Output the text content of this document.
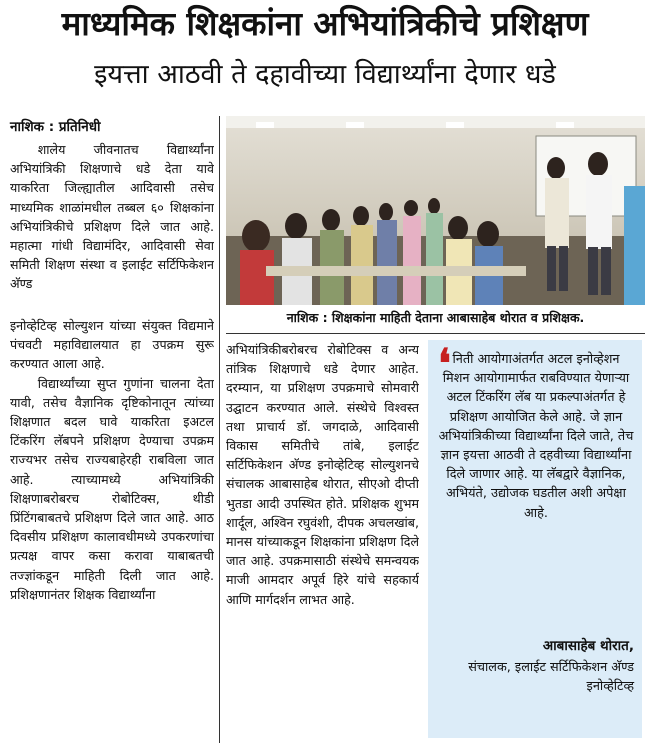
माध्यमिक शिक्षकांना अभियांत्रिकीचे प्रशिक्षण
इयत्ता आठवी ते दहावीच्या विद्यार्थ्यांना देणार धडे
नाशिक : प्रतिनिधी

शालेय जीवनातच विद्यार्थ्यांना अभियांत्रिकी शिक्षणाचे धडे देता यावे याकरिता जिल्ह्यातील आदिवासी तसेच माध्यमिक शाळांमधील तब्बल ६० शिक्षकांना अभियांत्रिकीचे प्रशिक्षण दिले जात आहे. महात्मा गांधी विद्यामंदिर, आदिवासी सेवा समिती शिक्षण संस्था व इलाईट सर्टिफिकेशन अ‍ॅण्ड

नाशिक : शिक्षकांना माहिती देताना आबासाहेब थोरात व प्रशिक्षक.

इनोव्हेटिव्ह सोल्युशन यांच्या संयुक्त विद्यमाने पंचवटी महाविद्यालयात हा उपक्रम सुरू करण्यात आला आहे.

विद्यार्थ्यांच्या सुप्त गुणांना चालना देता यावी, तसेच वैज्ञानिक दृष्टिकोनातून त्यांच्या शिक्षणात बदल घावे याकरिता इअटल टिंकरिंग लॅबपने प्रशिक्षण देण्याचा उपक्रम राज्यभर तसेच राज्यबाहेरही राबविला जात आहे. त्याच्यामध्ये अभियांत्रिकी शिक्षणाबरोबरच रोबोटिक्स, थीडी प्रिंटिंगबाबतचे प्रशिक्षण दिले जात आहे. आठ दिवसीय प्रशिक्षण कालावधीमध्ये उपकरणांचा प्रत्यक्ष वापर कसा करावा याबाबतची तज्ज्ञांकडून माहिती दिली जात आहे. प्रशिक्षणानंतर शिक्षक विद्यार्थ्यांना

अभियांत्रिकीबरोबरच रोबोटिक्स व अन्य तांत्रिक शिक्षणाचे धडे देणार आहेत. दरम्यान, या प्रशिक्षण उपक्रमाचे सोमवारी उद्घाटन करण्यात आले. संस्थेचे विश्वस्त तथा प्राचार्य डॉ. जगदाळे, आदिवासी विकास समितीचे तांबे, इलाईट सर्टिफिकेशन अ‍ॅण्ड इनोव्हेटिव्ह सोल्युशनचे संचालक आबासाहेब थोरात, सीएओ दीप्ती भुतडा आदी उपस्थित होते. प्रशिक्षक शुभम शार्दूल, अश्विन रघुवंशी, दीपक अचलखांब, मानस यांच्याकडून शिक्षकांना प्रशिक्षण दिले जात आहे. उपक्रमासाठी संस्थेचे समन्वयक माजी आमदार अपूर्व हिरे यांचे सहकार्य आणि मार्गदर्शन लाभत आहे.

❛ निती आयोगाअंतर्गत अटल इनोव्हेशन मिशन आयोगामार्फत राबविण्यात येणार्‍या अटल टिंकरिंग लॅब या प्रकल्पाअंतर्गत हे प्रशिक्षण आयोजित केले आहे. जे ज्ञान अभियांत्रिकीच्या विद्यार्थ्यांना दिले जाते, तेच ज्ञान इयत्ता आठवी ते दहवीच्या विद्यार्थ्यांना दिले जाणार आहे. या लॅबद्वारे वैज्ञानिक, अभियंते, उद्योजक घडतील अशी अपेक्षा आहे.
आबासाहेब थोरात,
संचालक, इलाईट सर्टिफिकेशन अ‍ॅण्ड इनोव्हेटिव्ह
